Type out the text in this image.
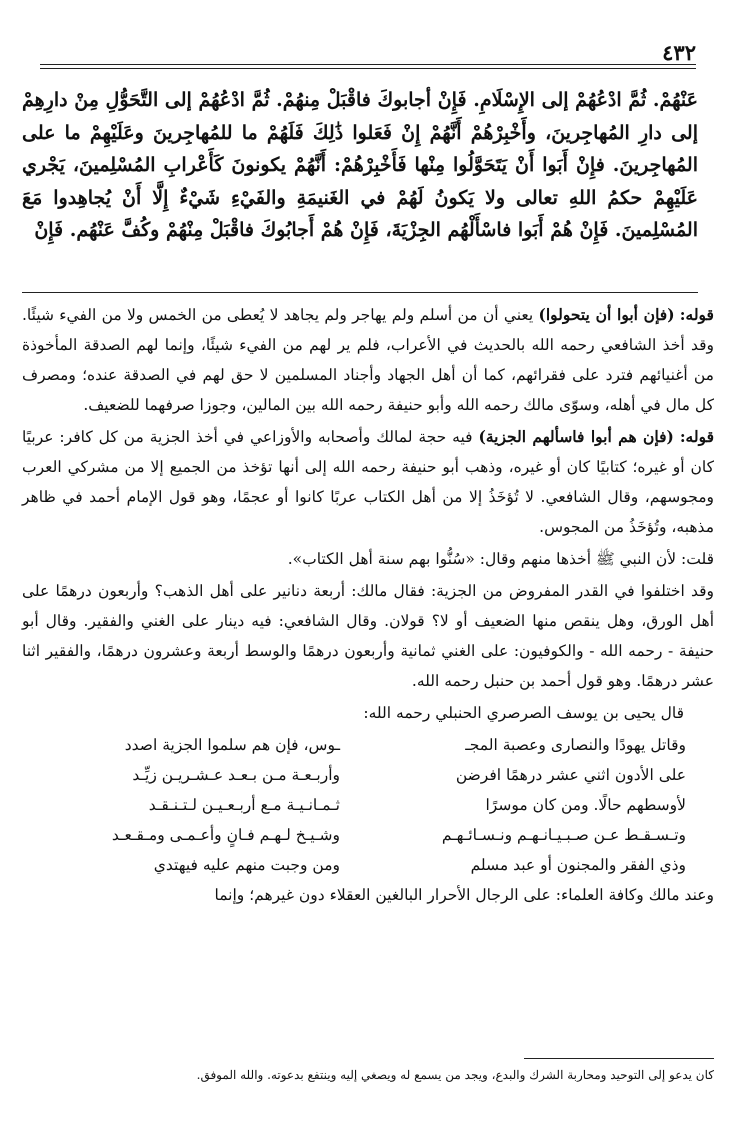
٤٣٢

عَنْهُمْ. ثُمَّ ادْعُهُمْ إلى الإِسْلَامِ. فَإِنْ أجابوكَ فاقْبَلْ مِنهُمْ. ثُمَّ ادْعُهُمْ إلى التَّحَوُّلِ مِنْ دارِهِمْ إلى دارِ المُهاجِرينَ، وأَخْبِرْهُمْ أَنَّهُمْ إِنْ فَعَلوا ذَٰلِكَ فَلَهُمْ ما للمُهاجِرينَ وعَلَيْهِمْ ما على المُهاجِرينَ. فإِنْ أَبَوا أَنْ يَتَحَوَّلُوا مِنْها فَأَخْبِرْهُمْ: أَنَّهُمْ يكونونَ كَأَعْرابِ المُسْلِمينَ، يَجْري عَلَيْهِمْ حكمُ اللهِ تعالى ولا يَكونُ لَهُمْ في الغَنيمَةِ والفَيْءِ شَيْءٌ إِلَّا أَنْ يُجاهِدوا مَعَ المُسْلِمينَ. فَإِنْ هُمْ أَبَوا فاسْأَلْهُم الجِزْيَةَ، فَإِنْ هُمْ أَجابُوكَ فاقْبَلْ مِنْهُمْ وكُفَّ عَنْهُم. فَإِنْ

قوله: (فإن أبوا أن يتحولوا) يعني أن من أسلم ولم يهاجر ولم يجاهد لا يُعطى من الخمس ولا من الفيء شيئًا. وقد أخذ الشافعي رحمه الله بالحديث في الأعراب، فلم ير لهم من الفيء شيئًا، وإنما لهم الصدقة المأخوذة من أغنيائهم فترد على فقرائهم، كما أن أهل الجهاد وأجناد المسلمين لا حق لهم في الصدقة عنده؛ ومصرف كل مال في أهله، وسوّى مالك رحمه الله وأبو حنيفة رحمه الله بين المالين، وجوزا صرفهما للضعيف.

قوله: (فإن هم أبوا فاسألهم الجزية) فيه حجة لمالك وأصحابه والأوزاعي في أخذ الجزية من كل كافر: عربيًا كان أو غيره؛ كتابيًا كان أو غيره، وذهب أبو حنيفة رحمه الله إلى أنها تؤخذ من الجميع إلا من مشركي العرب ومجوسهم، وقال الشافعي. لا تُؤخَذُ إلا من أهل الكتاب عربًا كانوا أو عجمًا، وهو قول الإمام أحمد في ظاهر مذهبه، وتُؤخَذُ من المجوس.

قلت: لأن النبي ﷺ أخذها منهم وقال: «سُنُّوا بهم سنة أهل الكتاب».

وقد اختلفوا في القدر المفروض من الجزية: فقال مالك: أربعة دنانير على أهل الذهب؟ وأربعون درهمًا على أهل الورق، وهل ينقص منها الضعيف أو لا؟ قولان. وقال الشافعي: فيه دينار على الغني والفقير. وقال أبو حنيفة - رحمه الله - والكوفيون: على الغني ثمانية وأربعون درهمًا والوسط أربعة وعشرون درهمًا، والفقير اثنا عشر درهمًا. وهو قول أحمد بن حنبل رحمه الله.

قال يحيى بن يوسف الصرصري الحنبلي رحمه الله:

وقاتل يهودًا والنصارى وعصبة المجـ
ـوس، فإن هم سلموا الجزية اصدد
على الأدون اثني عشر درهمًا افرضن
وأربـعـة مـن بـعـد عـشـريـن زيِّـد
لأوسطهم حالًا. ومن كان موسرًا
ثـمـانـيـة مـع أربـعـيـن لـتـنـقـد
وتـسـقـط عـن صـبـيـانـهـم ونـسـائـهـم
وشـيـخ لـهـم فـانٍ وأعـمـى ومـقـعـد
وذي الفقر والمجنون أو عبد مسلم
ومن وجبت منهم عليه فيهتدي

وعند مالك وكافة العلماء: على الرجال الأحرار البالغين العقلاء دون غيرهم؛ وإنما

كان يدعو إلى التوحيد ومحاربة الشرك والبدع، ويجد من يسمع له ويصغي إليه وينتفع بدعوته. والله الموفق.
